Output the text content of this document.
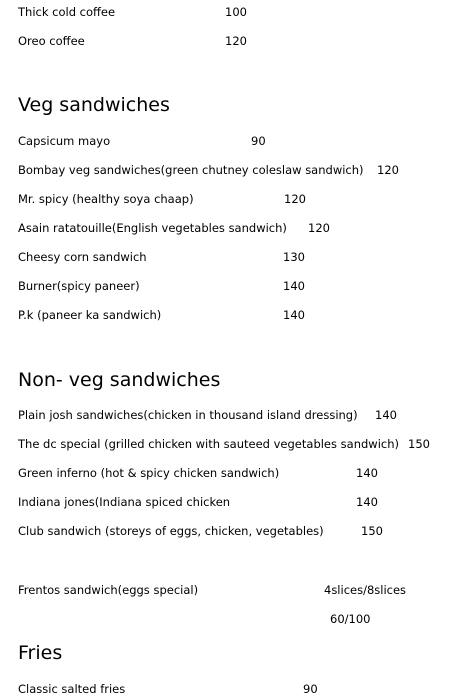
Thick cold coffee	100
Oreo coffee	120
Veg sandwiches
Capsicum mayo	90
Bombay veg sandwiches(green chutney coleslaw sandwich) 120
Mr. spicy (healthy soya chaap)	120
Asain ratatouille(English vegetables sandwich) 120
Cheesy corn sandwich	130
Burner(spicy paneer)	140
P.k (paneer ka sandwich)	140
Non- veg sandwiches
Plain josh sandwiches(chicken in thousand island dressing) 140
The dc special (grilled chicken with sauteed vegetables sandwich) 150
Green inferno (hot & spicy chicken sandwich)	140
Indiana jones(Indiana spiced chicken	140
Club sandwich (storeys of eggs, chicken, vegetables)	150
Frentos sandwich(eggs special)	4slices/8slices
60/100
Fries
Classic salted fries	90
